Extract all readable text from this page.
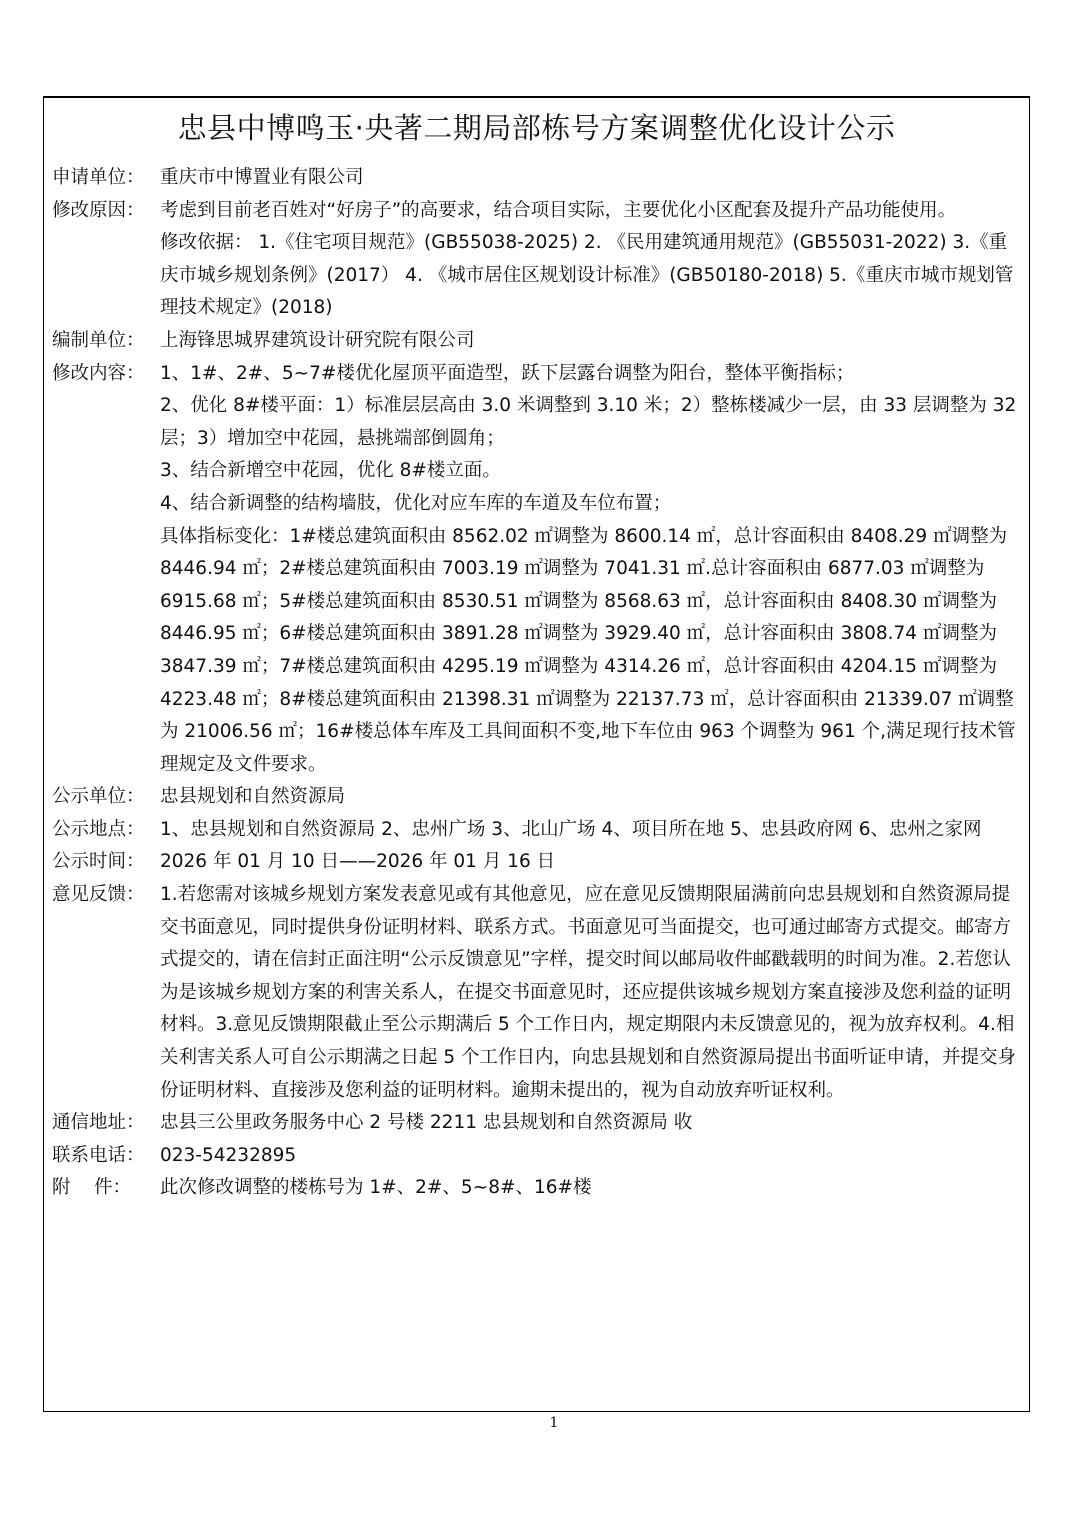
忠县中博鸣玉·央著二期局部栋号方案调整优化设计公示
申请单位： 重庆市中博置业有限公司
修改原因： 考虑到目前老百姓对“好房子”的高要求，结合项目实际，主要优化小区配套及提升产品功能使用。
修改依据： 1.《住宅项目规范》(GB55038-2025) 2. 《民用建筑通用规范》(GB55031-2022) 3.《重庆市城乡规划条例》(2017） 4. 《城市居住区规划设计标准》(GB50180-2018) 5.《重庆市城市规划管理技术规定》(2018)
编制单位： 上海锋思城界建筑设计研究院有限公司
修改内容： 1、1#、2#、5~7#楼优化屋顶平面造型，跃下层露台调整为阳台，整体平衡指标；
2、优化 8#楼平面：1）标准层层高由 3.0 米调整到 3.10 米；2）整栋楼减少一层，由 33 层调整为 32 层；3）增加空中花园，悬挑端部倒圆角；
3、结合新增空中花园，优化 8#楼立面。
4、结合新调整的结构墙肢，优化对应车库的车道及车位布置；
具体指标变化：1#楼总建筑面积由 8562.02 ㎡调整为 8600.14 ㎡，总计容面积由 8408.29 ㎡调整为 8446.94 ㎡；2#楼总建筑面积由 7003.19 ㎡调整为 7041.31 ㎡.总计容面积由 6877.03 ㎡调整为 6915.68 ㎡；5#楼总建筑面积由 8530.51 ㎡调整为 8568.63 ㎡，总计容面积由 8408.30 ㎡调整为 8446.95 ㎡；6#楼总建筑面积由 3891.28 ㎡调整为 3929.40 ㎡，总计容面积由 3808.74 ㎡调整为 3847.39 ㎡；7#楼总建筑面积由 4295.19 ㎡调整为 4314.26 ㎡，总计容面积由 4204.15 ㎡调整为 4223.48 ㎡；8#楼总建筑面积由 21398.31 ㎡调整为 22137.73 ㎡，总计容面积由 21339.07 ㎡调整为 21006.56 ㎡；16#楼总体车库及工具间面积不变,地下车位由 963 个调整为 961 个,满足现行技术管理规定及文件要求。
公示单位： 忠县规划和自然资源局
公示地点： 1、忠县规划和自然资源局 2、忠州广场 3、北山广场 4、项目所在地 5、忠县政府网 6、忠州之家网
公示时间： 2026 年 01 月 10 日——2026 年 01 月 16 日
意见反馈： 1.若您需对该城乡规划方案发表意见或有其他意见，应在意见反馈期限届满前向忠县规划和自然资源局提交书面意见，同时提供身份证明材料、联系方式。书面意见可当面提交，也可通过邮寄方式提交。邮寄方式提交的，请在信封正面注明“公示反馈意见”字样，提交时间以邮局收件邮戳载明的时间为准。2.若您认为是该城乡规划方案的利害关系人，在提交书面意见时，还应提供该城乡规划方案直接涉及您利益的证明材料。3.意见反馈期限截止至公示期满后 5 个工作日内，规定期限内未反馈意见的，视为放弃权利。4.相关利害关系人可自公示期满之日起 5 个工作日内，向忠县规划和自然资源局提出书面听证申请，并提交身份证明材料、直接涉及您利益的证明材料。逾期未提出的，视为自动放弃听证权利。
通信地址： 忠县三公里政务服务中心 2 号楼 2211 忠县规划和自然资源局 收
联系电话： 023-54232895
附    件：	此次修改调整的楼栋号为 1#、2#、5~8#、16#楼
1
